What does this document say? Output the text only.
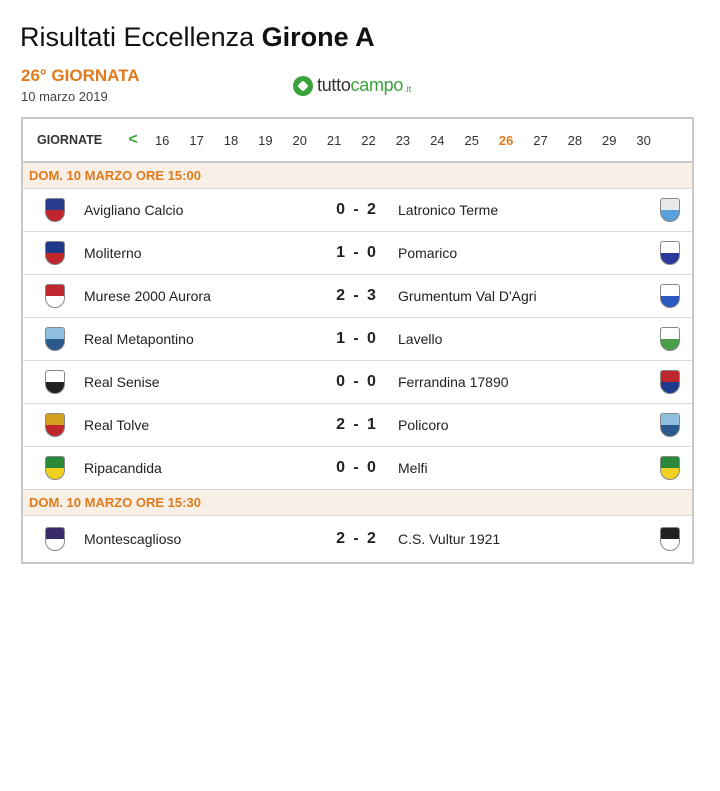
Risultati Eccellenza Girone A
26° GIORNATA
10 marzo 2019
tuttocampo .it
GIORNATE	<	16	17	18	19	20	21	22	23	24	25	26	27	28	29	30
DOM. 10 MARZO ORE 15:00
Avigliano Calcio	0 - 2 Latronico Terme
Moliterno	1 - 0 Pomarico
Murese 2000 Aurora	2 - 3 Grumentum Val D'Agri
Real Metapontino	1 - 0 Lavello
Real Senise	0 - 0 Ferrandina 17890
Real Tolve	2 - 1 Policoro
Ripacandida	0 - 0 Melfi
DOM. 10 MARZO ORE 15:30
Montescaglioso	2 - 2 C.S. Vultur 1921
